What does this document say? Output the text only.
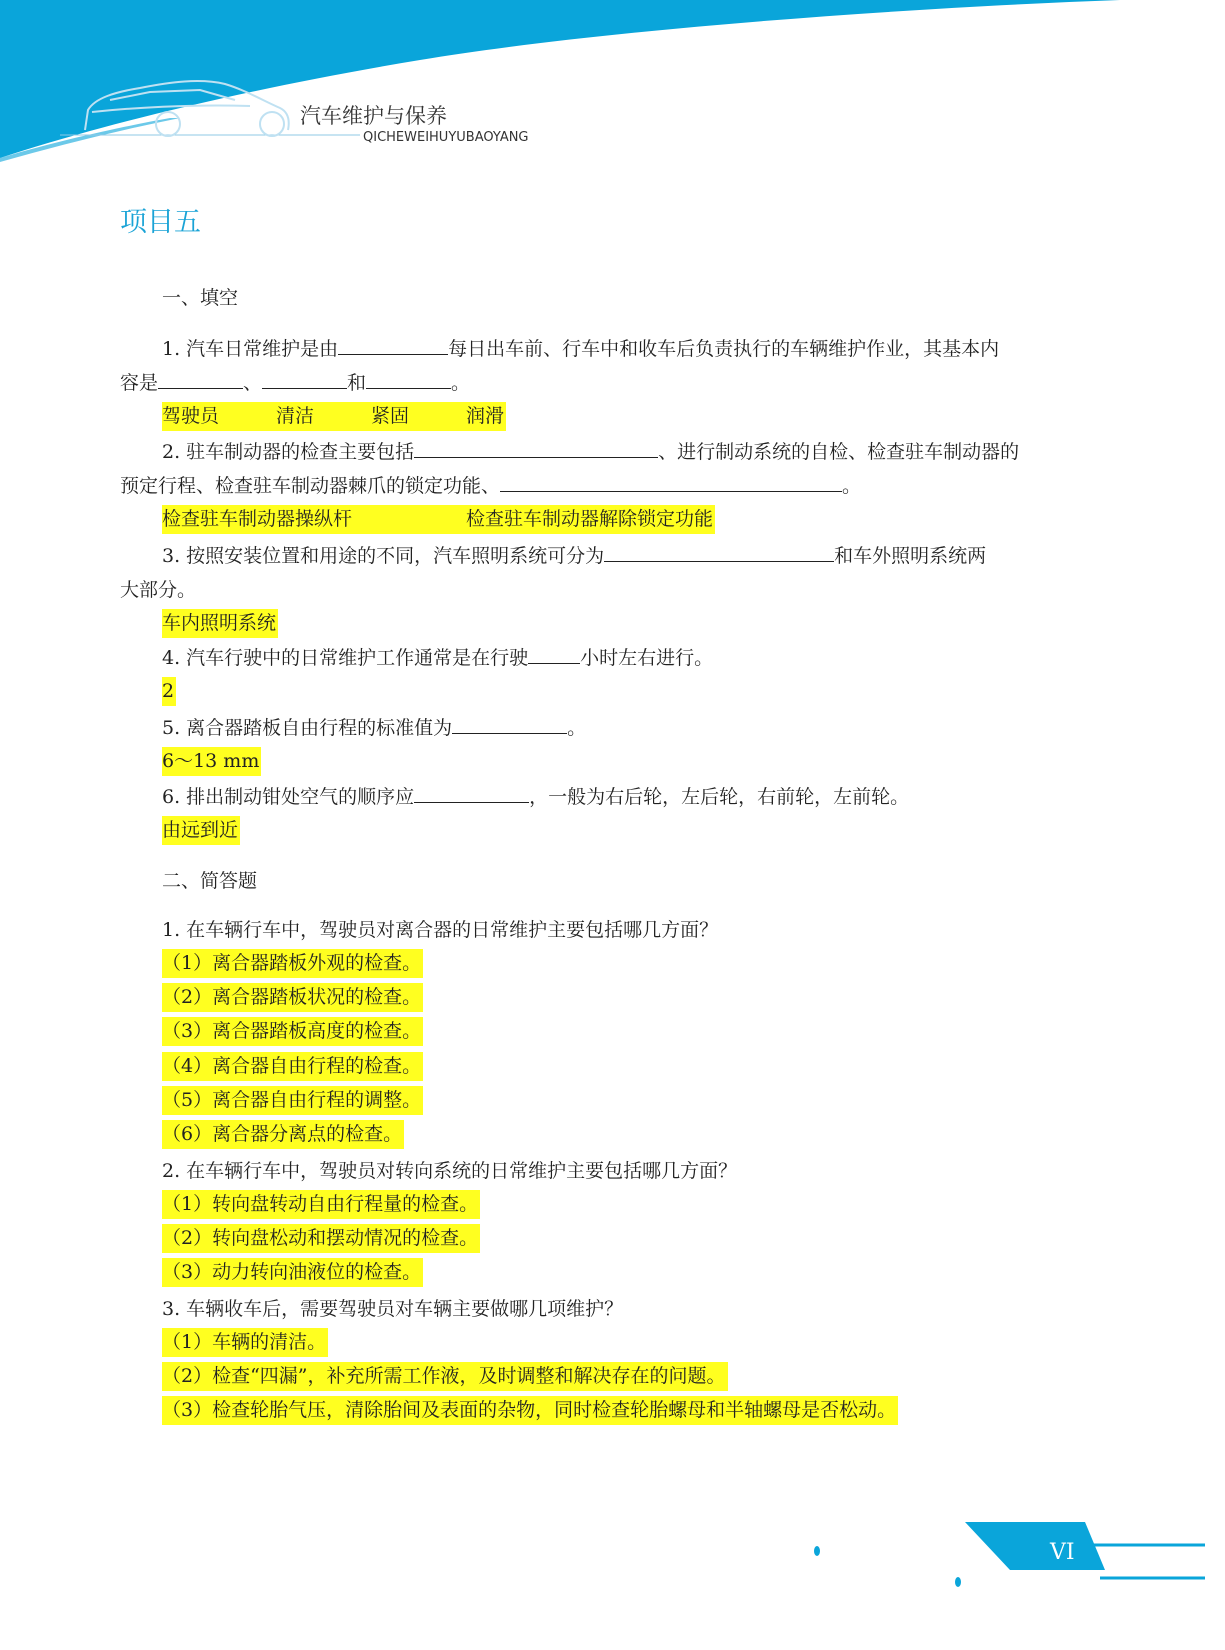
汽车维护与保养
QICHEWEIHUYUBAOYANG
项目五
一、填空
1. 汽车日常维护是由	每日出车前、行车中和收车后负责执行的车辆维护作业，其基本内
容是	、	和	。
驾驶员　　　清洁　　　紧固　　　润滑
2. 驻车制动器的检查主要包括	、进行制动系统的自检、检查驻车制动器的
预定行程、检查驻车制动器棘爪的锁定功能、	。
检查驻车制动器操纵杆　　　　　　检查驻车制动器解除锁定功能
3. 按照安装位置和用途的不同，汽车照明系统可分为	和车外照明系统两
大部分。
车内照明系统
4. 汽车行驶中的日常维护工作通常是在行驶	小时左右进行。
2
5. 离合器踏板自由行程的标准值为	。
6～13 mm
6. 排出制动钳处空气的顺序应	，一般为右后轮，左后轮，右前轮，左前轮。
由远到近
二、简答题
1. 在车辆行车中，驾驶员对离合器的日常维护主要包括哪几方面？
（1）离合器踏板外观的检查。
（2）离合器踏板状况的检查。
（3）离合器踏板高度的检查。
（4）离合器自由行程的检查。
（5）离合器自由行程的调整。
（6）离合器分离点的检查。
2. 在车辆行车中，驾驶员对转向系统的日常维护主要包括哪几方面？
（1）转向盘转动自由行程量的检查。
（2）转向盘松动和摆动情况的检查。
（3）动力转向油液位的检查。
3. 车辆收车后，需要驾驶员对车辆主要做哪几项维护？
（1）车辆的清洁。
（2）检查“四漏”，补充所需工作液，及时调整和解决存在的问题。
（3）检查轮胎气压，清除胎间及表面的杂物，同时检查轮胎螺母和半轴螺母是否松动。
VI
